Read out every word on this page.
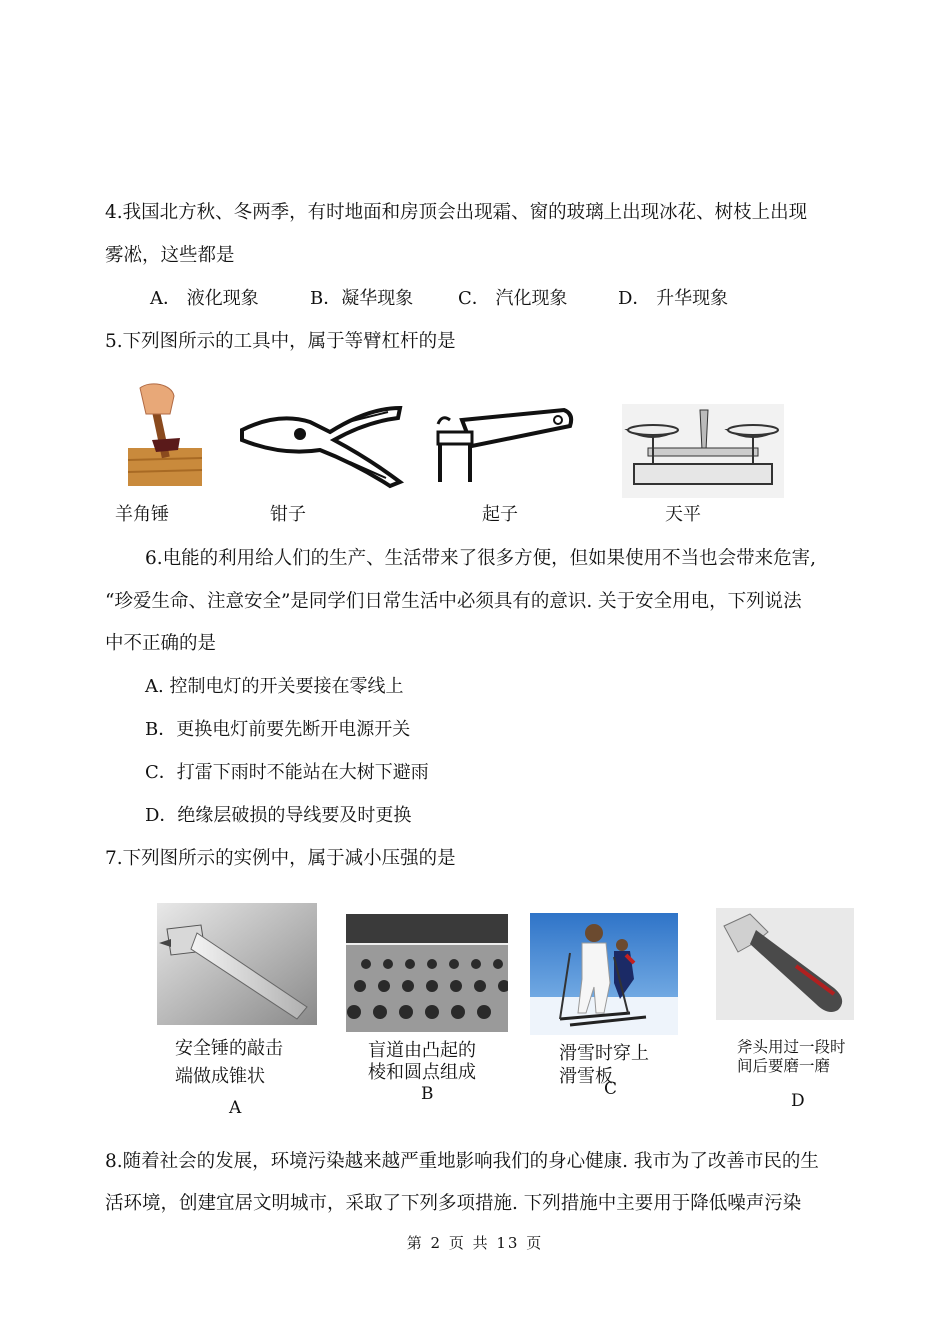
4.我国北方秋、冬两季，有时地面和房顶会出现霜、窗的玻璃上出现冰花、树枝上出现
雾凇，这些都是
A． 液化现象	B．凝华现象 C． 汽化现象	D． 升华现象
5.下列图所示的工具中，属于等臂杠杆的是
羊角锤	钳子	起子	天平
6.电能的利用给人们的生产、生活带来了很多方便，但如果使用不当也会带来危害,
“珍爱生命、注意安全”是同学们日常生活中必须具有的意识. 关于安全用电，下列说法
中不正确的是
A. 控制电灯的开关要接在零线上
B．更换电灯前要先断开电源开关
C．打雷下雨时不能站在大树下避雨
D．绝缘层破损的导线要及时更换
7.下列图所示的实例中，属于减小压强的是
安全锤的敲击
端做成锥状
A
盲道由凸起的
棱和圆点组成
B
滑雪时穿上
滑雪板
C
斧头用过一段时
间后要磨一磨
D
8.随着社会的发展，环境污染越来越严重地影响我们的身心健康. 我市为了改善市民的生
活环境，创建宜居文明城市，采取了下列多项措施. 下列措施中主要用于降低噪声污染
第 2 页 共 13 页
